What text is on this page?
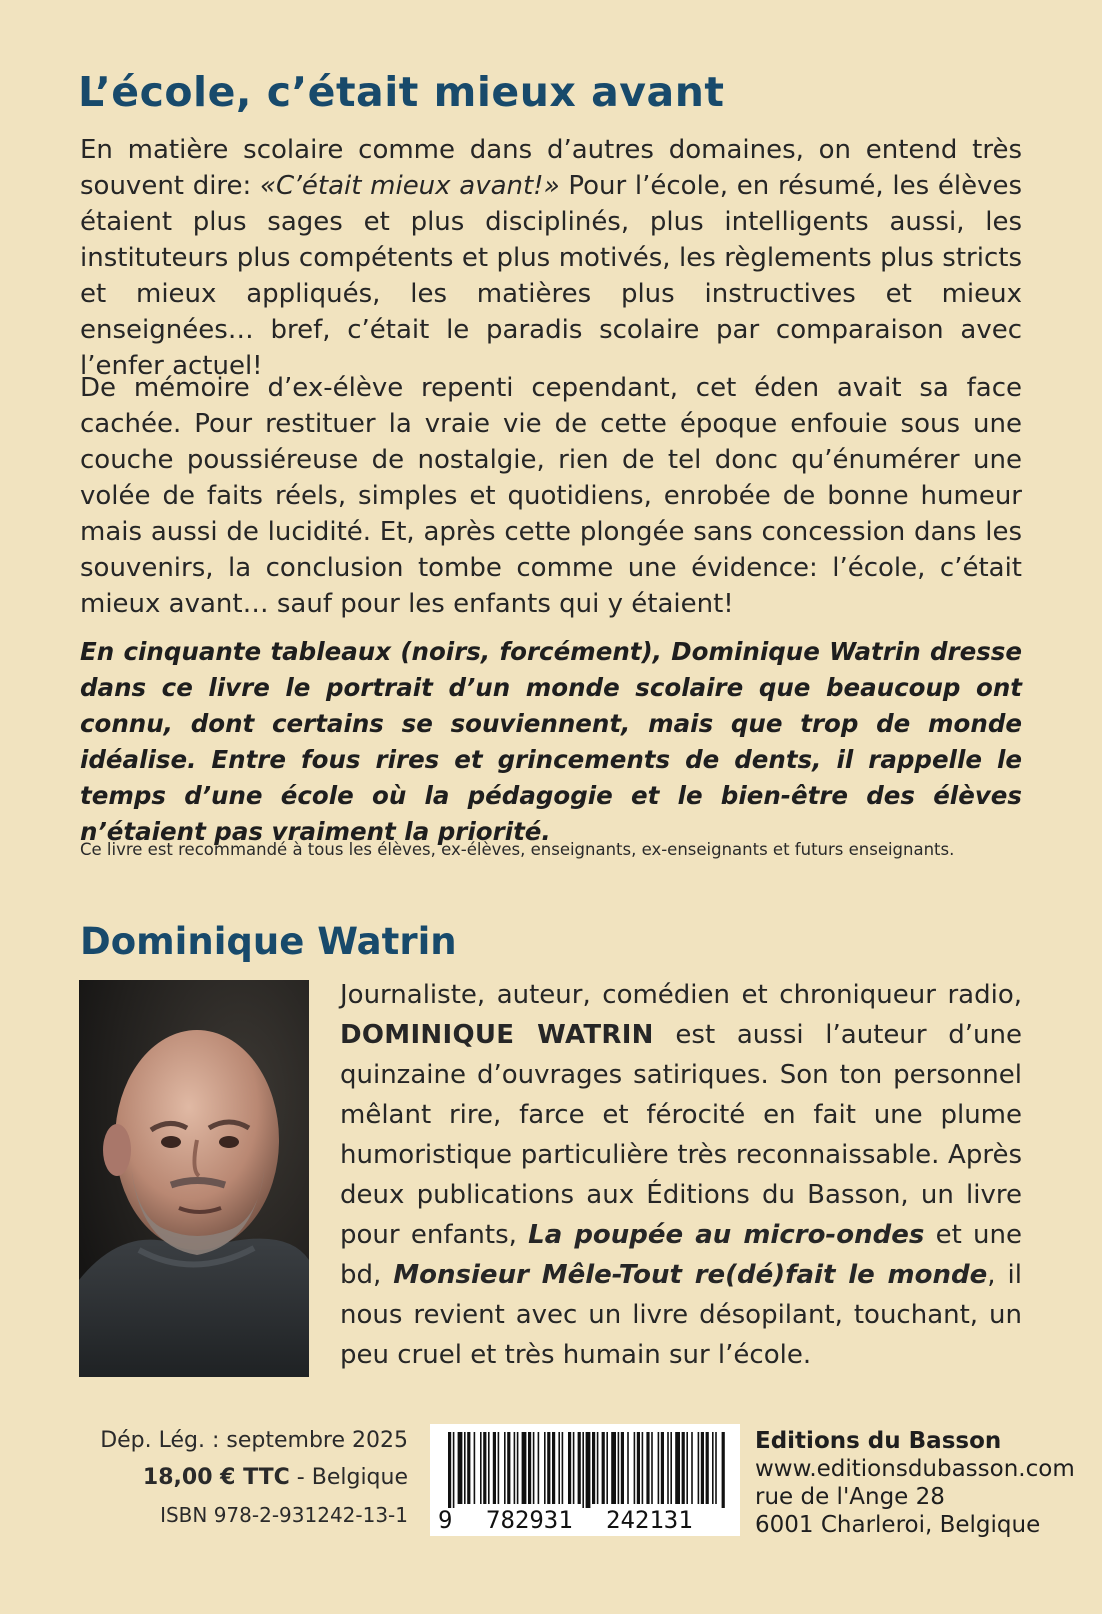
L’école, c’était mieux avant

En matière scolaire comme dans d’autres domaines, on entend très souvent dire: «C’était mieux avant!» Pour l’école, en résumé, les élèves étaient plus sages et plus disciplinés, plus intelligents aussi, les instituteurs plus compétents et plus motivés, les règlements plus stricts et mieux appliqués, les matières plus instructives et mieux enseignées… bref, c’était le paradis scolaire par comparaison avec l’enfer actuel!

De mémoire d’ex-élève repenti cependant, cet éden avait sa face cachée. Pour restituer la vraie vie de cette époque enfouie sous une couche poussiéreuse de nostalgie, rien de tel donc qu’énumérer une volée de faits réels, simples et quotidiens, enrobée de bonne humeur mais aussi de lucidité. Et, après cette plongée sans concession dans les souvenirs, la conclusion tombe comme une évidence: l’école, c’était mieux avant… sauf pour les enfants qui y étaient!

En cinquante tableaux (noirs, forcément), Dominique Watrin dresse dans ce livre le portrait d’un monde scolaire que beaucoup ont connu, dont certains se souviennent, mais que trop de monde idéalise. Entre fous rires et grincements de dents, il rappelle le temps d’une école où la pédagogie et le bien-être des élèves n’étaient pas vraiment la priorité.

Ce livre est recommandé à tous les élèves, ex-élèves, enseignants, ex-enseignants et futurs enseignants.

Dominique Watrin

Journaliste, auteur, comédien et chroniqueur radio, DOMINIQUE WATRIN est aussi l’auteur d’une quinzaine d’ouvrages satiriques. Son ton personnel mêlant rire, farce et férocité en fait une plume humoristique particulière très reconnaissable. Après deux publications aux Éditions du Basson, un livre pour enfants, La poupée au micro-ondes et une bd, Monsieur Mêle-Tout re(dé)fait le monde, il nous revient avec un livre désopilant, touchant, un peu cruel et très humain sur l’école.

Dép. Lég. : septembre 2025

18,00 € TTC - Belgique

ISBN 978-2-931242-13-1 9 782931 242131

Editions du Basson

www.editionsdubasson.com

rue de l'Ange 28

6001 Charleroi, Belgique
